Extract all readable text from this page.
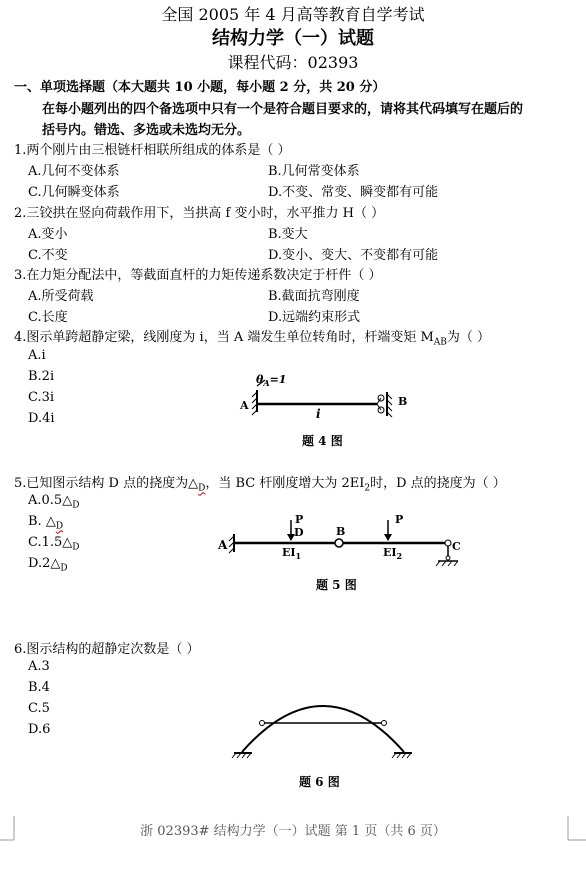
全国 2005 年 4 月高等教育自学考试
结构力学（一）试题
课程代码：02393
一、单项选择题（本大题共 10 小题，每小题 2 分，共 20 分）
在每小题列出的四个备选项中只有一个是符合题目要求的，请将其代码填写在题后的
括号内。错选、多选或未选均无分。
1.两个刚片由三根链杆相联所组成的体系是（ ）
A.几何不变体系	B.几何常变体系
C.几何瞬变体系	D.不变、常变、瞬变都有可能
2.三铰拱在竖向荷载作用下，当拱高 f 变小时，水平推力 H（ ）
A.变小	B.变大
C.不变	D.变小、变大、不变都有可能
3.在力矩分配法中，等截面直杆的力矩传递系数决定于杆件（ ）
A.所受荷载	B.截面抗弯刚度
C.长度	D.远端约束形式
4.图示单跨超静定梁，线刚度为 i，当 A 端发生单位转角时，杆端变矩 $M_{AB}$为（ ）
A.i
B.2i
C.3i
D.4i
$\theta_A=1$
A	B
i
题 4 图
5.已知图示结构 D 点的挠度为$\triangle_D$，当 BC 杆刚度增大为 $2EI_2$时，D 点的挠度为（ ）
$A.0.5\triangle_D$
B. $\triangle_D$
$C.1.5\triangle_D$
$D.2\triangle_D$
A
P
D	B
P
C
$EI_1$	$EI_2$
题 5 图
6.图示结构的超静定次数是（ ）
A.3
B.4
C.5
D.6
题 6 图
浙 02393# 结构力学（一）试题 第 1 页（共 6 页）
